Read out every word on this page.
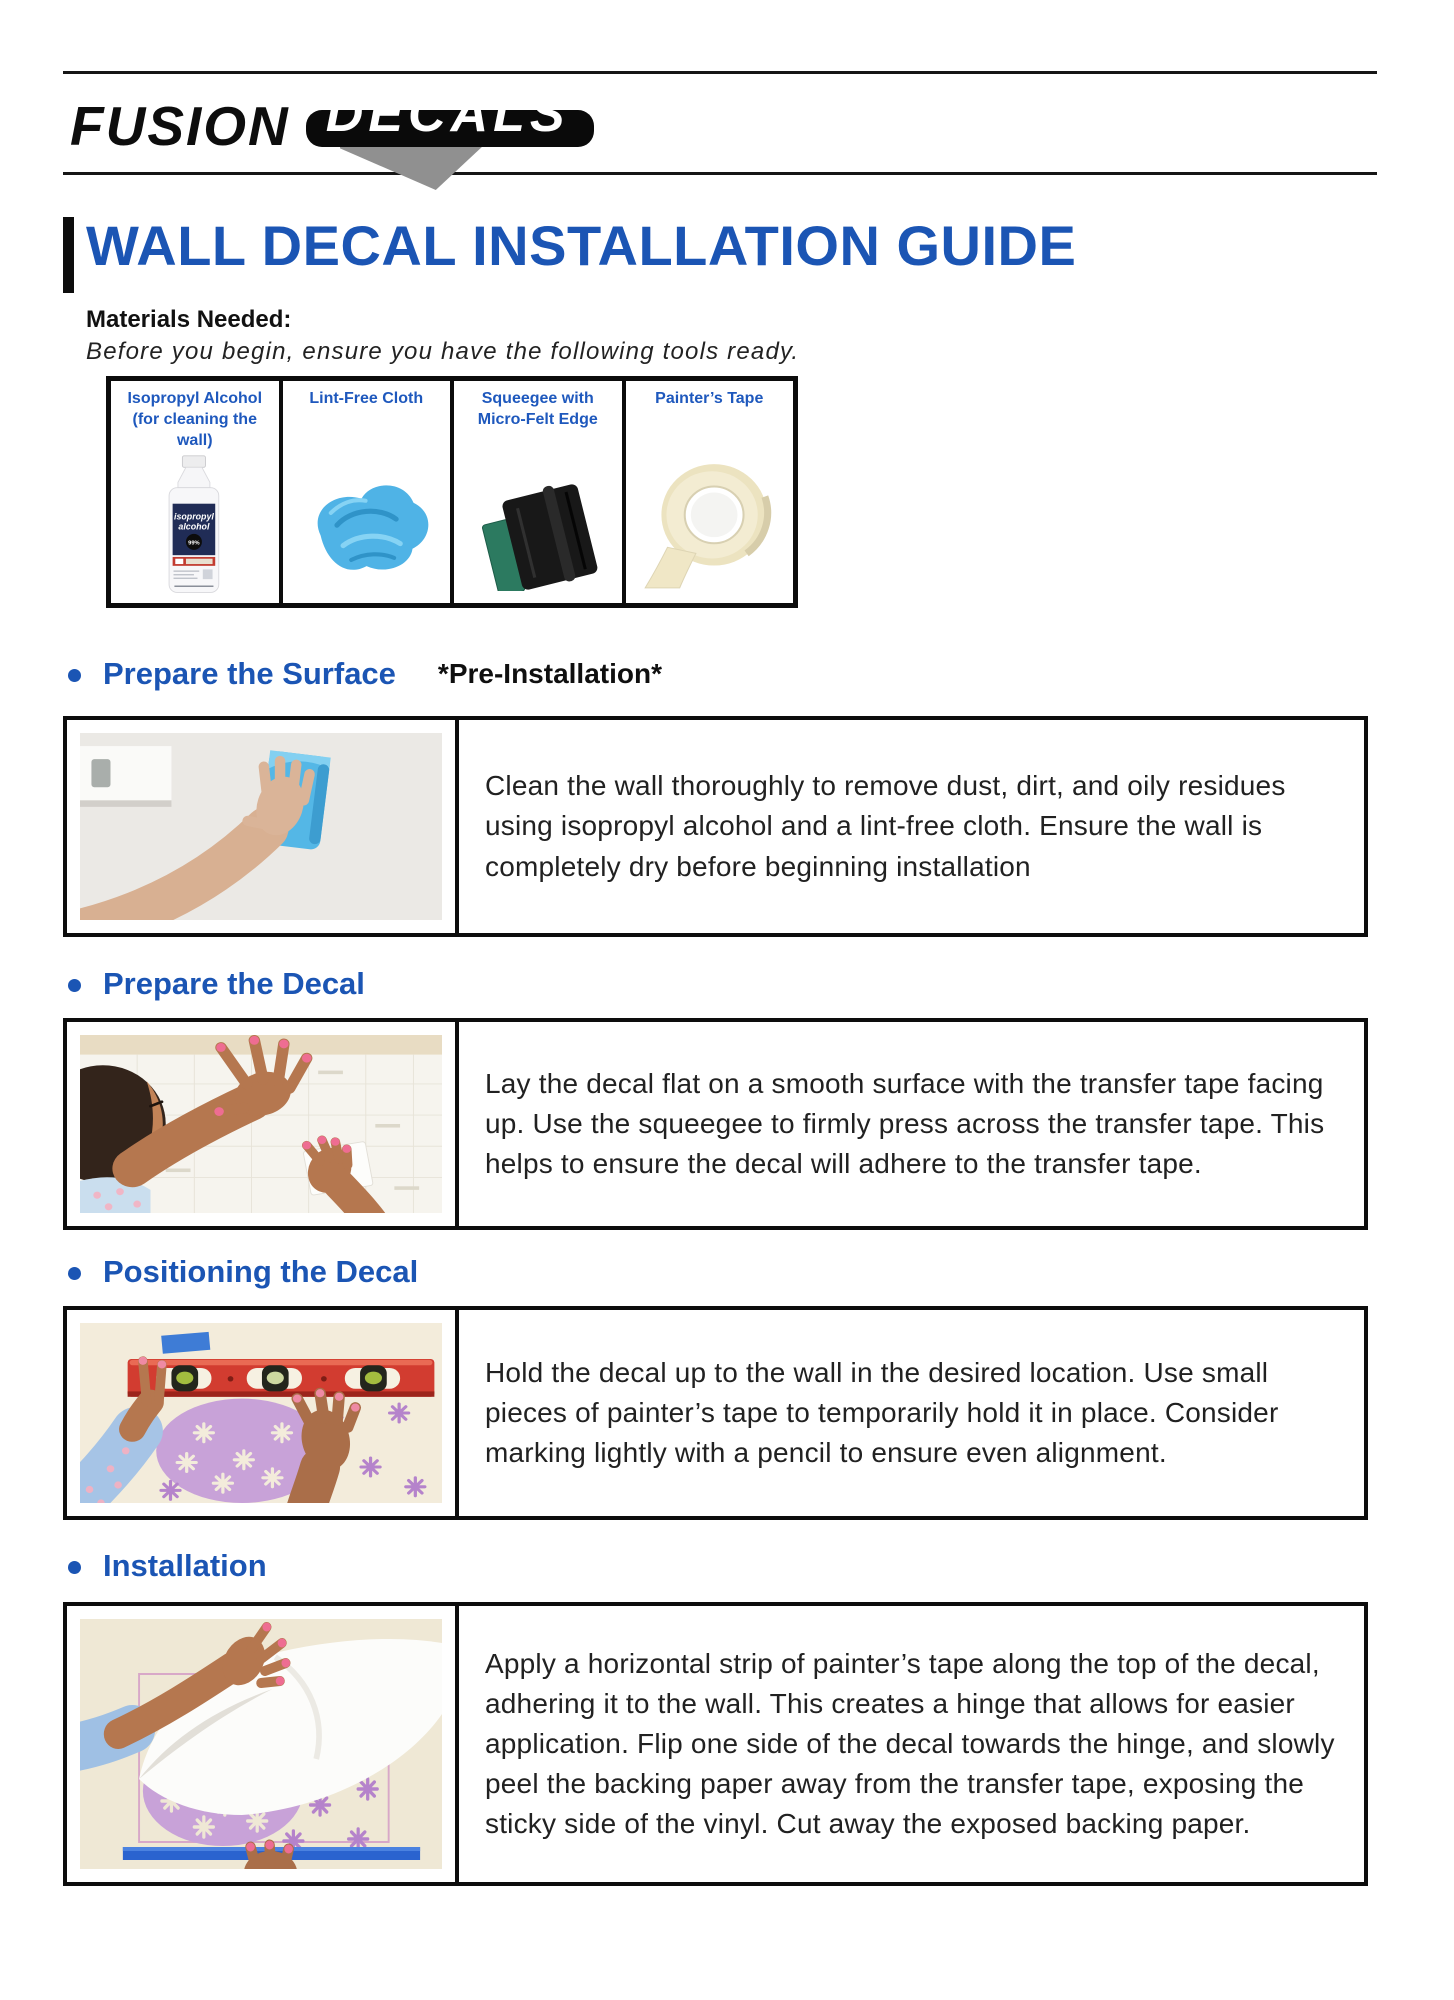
FUSION DECALS
WALL DECAL INSTALLATION GUIDE
Materials Needed:
Before you begin, ensure you have the following tools ready.
Isopropyl Alcohol (for cleaning the wall)
isopropyl
alcohol
99%
Lint-Free Cloth	Squeegee with Micro-Felt Edge
Painter’s Tape
Prepare the Surface *Pre-Installation*
Clean the wall thoroughly to remove dust, dirt, and oily residues using isopropyl alcohol and a lint-free cloth. Ensure the wall is completely dry before beginning installation
Prepare the Decal
Lay the decal flat on a smooth surface with the transfer tape facing up. Use the squeegee to firmly press across the transfer tape. This helps to ensure the decal will adhere to the transfer tape.
Positioning the Decal
Hold the decal up to the wall in the desired location. Use small pieces of painter’s tape to temporarily hold it in place. Consider marking lightly with a pencil to ensure even alignment.
Installation
Apply a horizontal strip of painter’s tape along the top of the decal, adhering it to the wall. This creates a hinge that allows for easier application. Flip one side of the decal towards the hinge, and slowly peel the backing paper away from the transfer tape, exposing the sticky side of the vinyl. Cut away the exposed backing paper.
